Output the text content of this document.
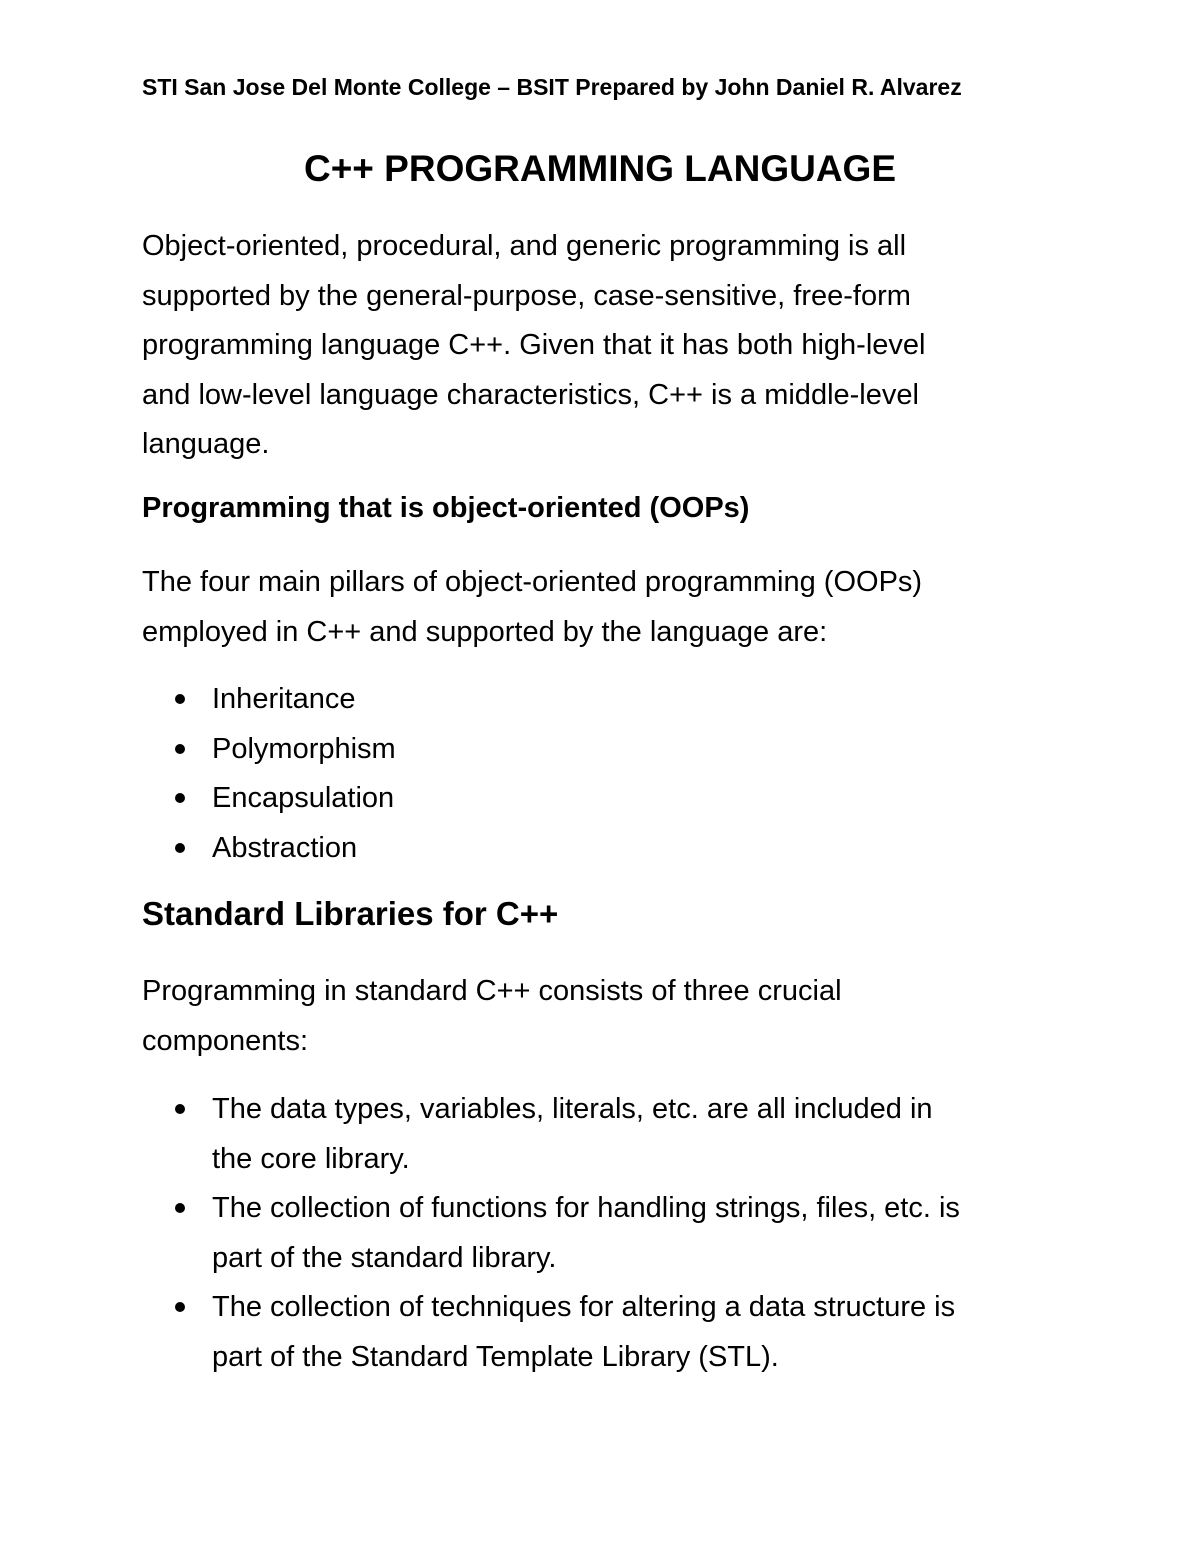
STI San Jose Del Monte College – BSIT Prepared by John Daniel R. Alvarez
C++ PROGRAMMING LANGUAGE

Object-oriented, procedural, and generic programming is all
supported by the general-purpose, case-sensitive, free-form
programming language C++. Given that it has both high-level
and low-level language characteristics, C++ is a middle-level
language.

Programming that is object-oriented (OOPs)

The four main pillars of object-oriented programming (OOPs)
employed in C++ and supported by the language are:

Inheritance
Polymorphism
Encapsulation
Abstraction
Standard Libraries for C++

Programming in standard C++ consists of three crucial
components:

The data types, variables, literals, etc. are all included in
the core library.
The collection of functions for handling strings, files, etc. is
part of the standard library.
The collection of techniques for altering a data structure is
part of the Standard Template Library (STL).
